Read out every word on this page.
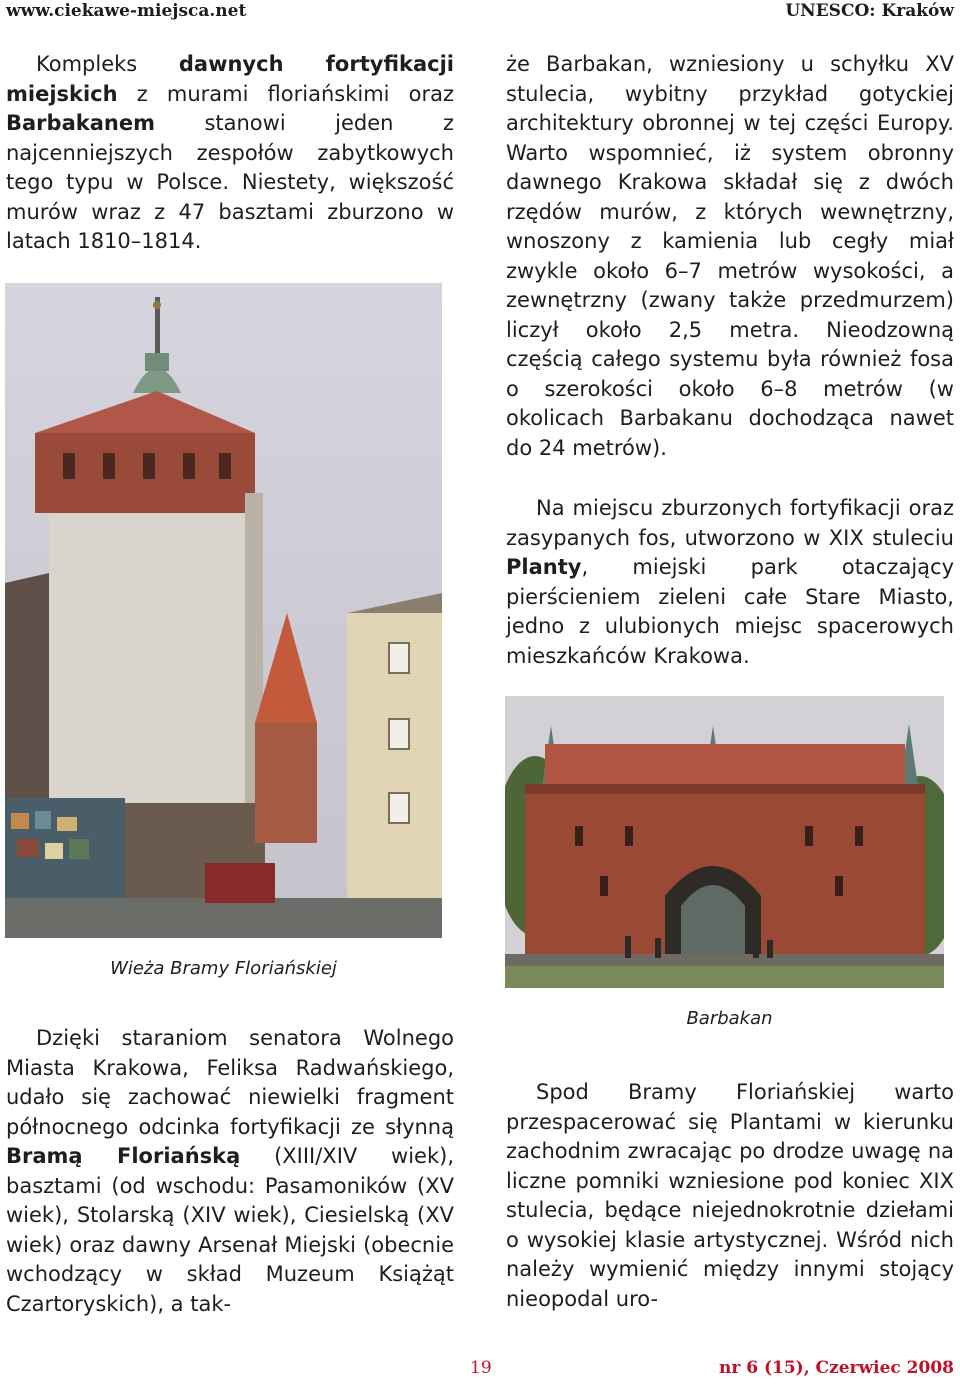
www.ciekawe-miejsca.net	UNESCO: Kraków

Kompleks dawnych fortyfikacji miejskich z murami floriańskimi oraz Barbakanem stanowi jeden z najcenniejszych zespołów zabytkowych tego typu w Polsce. Niestety, większość murów wraz z 47 basztami zburzono w latach 1810–1814.

Wieża Bramy Floriańskiej

Dzięki staraniom senatora Wolnego Miasta Krakowa, Feliksa Radwańskiego, udało się zachować niewielki fragment północnego odcinka fortyfikacji ze słynną Bramą Floriańską (XIII/XIV wiek), basztami (od wschodu: Pasamoników (XV wiek), Stolarską (XIV wiek), Ciesielską (XV wiek) oraz dawny Arsenał Miejski (obecnie wchodzący w skład Muzeum Książąt Czartoryskich), a tak-

że Barbakan, wzniesiony u schyłku XV stulecia, wybitny przykład gotyckiej architektury obronnej w tej części Europy. Warto wspomnieć, iż system obronny dawnego Krakowa składał się z dwóch rzędów murów, z których wewnętrzny, wnoszony z kamienia lub cegły miał zwykle około 6–7 metrów wysokości, a zewnętrzny (zwany także przedmurzem) liczył około 2,5 metra. Nieodzowną częścią całego systemu była również fosa o szerokości około 6–8 metrów (w okolicach Barbakanu dochodząca nawet do 24 metrów).

Na miejscu zburzonych fortyfikacji oraz zasypanych fos, utworzono w XIX stuleciu Planty, miejski park otaczający pierścieniem zieleni całe Stare Miasto, jedno z ulubionych miejsc spacerowych mieszkańców Krakowa.

Barbakan

Spod Bramy Floriańskiej warto przespacerować się Plantami w kierunku zachodnim zwracając po drodze uwagę na liczne pomniki wzniesione pod koniec XIX stulecia, będące niejednokrotnie dziełami o wysokiej klasie artystycznej. Wśród nich należy wymienić między innymi stojący nieopodal uro-

19	nr 6 (15), Czerwiec 2008
